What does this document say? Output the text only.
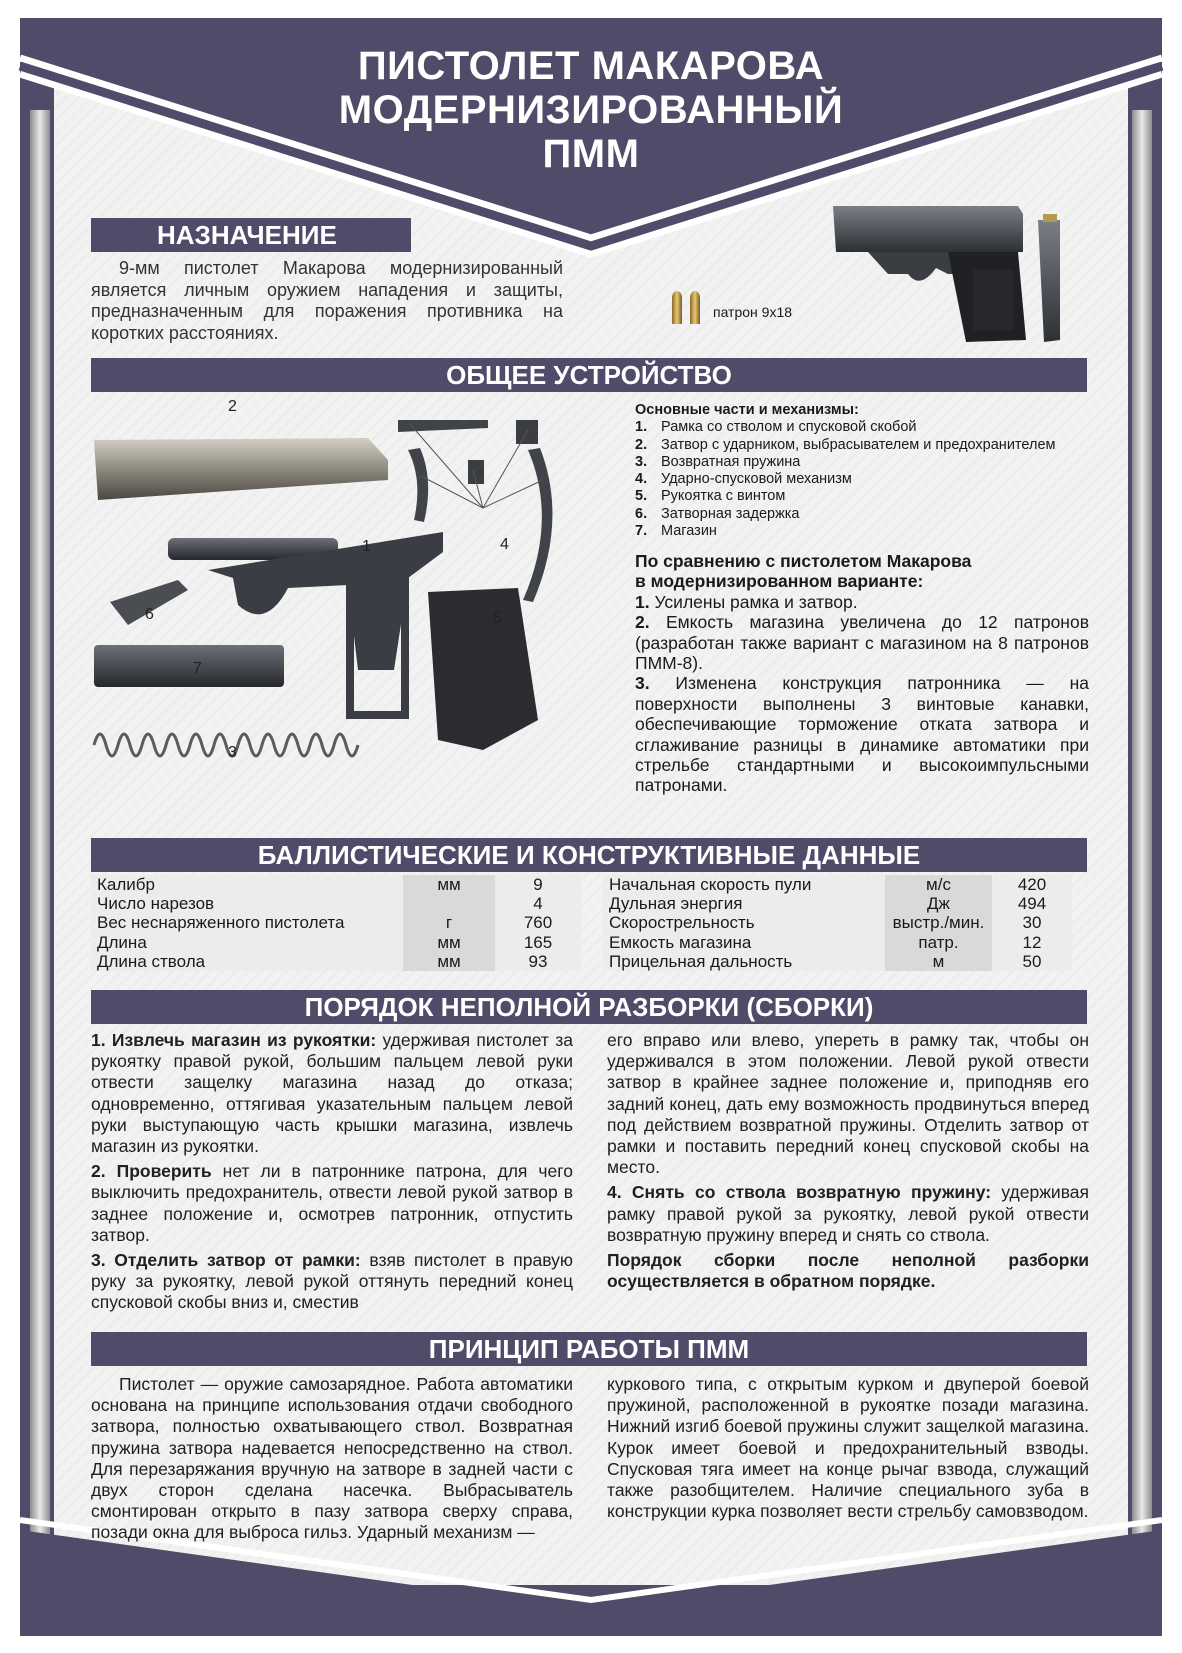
ПИСТОЛЕТ МАКАРОВА
МОДЕРНИЗИРОВАННЫЙ
ПММ
НАЗНАЧЕНИЕ
9-мм пистолет Макарова модернизированный является личным оружием нападения и защиты, предназначенным для поражения противника на коротких расстояниях.
патрон 9х18
ОБЩЕЕ УСТРОЙСТВО
2
1
6
7
3
5
4
Основные части и механизмы:
1. Рамка со стволом и спусковой скобой
2. Затвор с ударником, выбрасывателем и предохранителем
3. Возвратная пружина
4. Ударно-спусковой механизм
5. Рукоятка с винтом
6. Затворная задержка
7. Магазин
По сравнению с пистолетом Макарова
в модернизированном варианте:
1. Усилены рамка и затвор.
2. Емкость магазина увеличена до 12 патронов (разработан также вариант с магазином на 8 патронов ПММ-8).
3. Изменена конструкция патронника — на поверхности выполнены 3 винтовые канавки, обеспечивающие торможение отката затвора и сглаживание разницы в динамике автоматики при стрельбе стандартными и высокоимпульсными патронами.
БАЛЛИСТИЧЕСКИЕ И КОНСТРУКТИВНЫЕ ДАННЫЕ
Калибр	мм	9
Число нарезов		4
Вес неснаряженного пистолета	г	760
Длина	мм	165
Длина ствола	мм	93
Начальная скорость пули	м/с	420
Дульная энергия	Дж	494
Скорострельность	выстр./мин.	30
Емкость магазина	патр.	12
Прицельная дальность	м	50
ПОРЯДОК НЕПОЛНОЙ РАЗБОРКИ (СБОРКИ)

1. Извлечь магазин из рукоятки: удерживая пистолет за рукоятку правой рукой, большим пальцем левой руки отвести защелку магазина назад до отказа; одновременно, оттягивая указательным пальцем левой руки выступающую часть крышки магазина, извлечь магазин из рукоятки.

2. Проверить нет ли в патроннике патрона, для чего выключить предохранитель, отвести левой рукой затвор в заднее положение и, осмотрев патронник, отпустить затвор.

3. Отделить затвор от рамки: взяв пистолет в правую руку за рукоятку, левой рукой оттянуть передний конец спусковой скобы вниз и, сместив

его вправо или влево, упереть в рамку так, чтобы он удерживался в этом положении. Левой рукой отвести затвор в крайнее заднее положение и, приподняв его задний конец, дать ему возможность продвинуться вперед под действием возвратной пружины. Отделить затвор от рамки и поставить передний конец спусковой скобы на место.

4. Снять со ствола возвратную пружину: удерживая рамку правой рукой за рукоятку, левой рукой отвести возвратную пружину вперед и снять со ствола.

Порядок сборки после неполной разборки осуществляется в обратном порядке.

ПРИНЦИП РАБОТЫ ПММ
Пистолет — оружие самозарядное. Работа автоматики основана на принципе использования отдачи свободного затвора, полностью охватывающего ствол. Возвратная пружина затвора надевается непосредственно на ствол. Для перезаряжания вручную на затворе в задней части с двух сторон сделана насечка. Выбрасыватель смонтирован открыто в пазу затвора сверху справа, позади окна для выброса гильз. Ударный механизм —
куркового типа, с открытым курком и двуперой боевой пружиной, расположенной в рукоятке позади магазина. Нижний изгиб боевой пружины служит защелкой магазина. Курок имеет боевой и предохранительный взводы. Спусковая тяга имеет на конце рычаг взвода, служащий также разобщителем. Наличие специального зуба в конструкции курка позволяет вести стрельбу самовзводом.
